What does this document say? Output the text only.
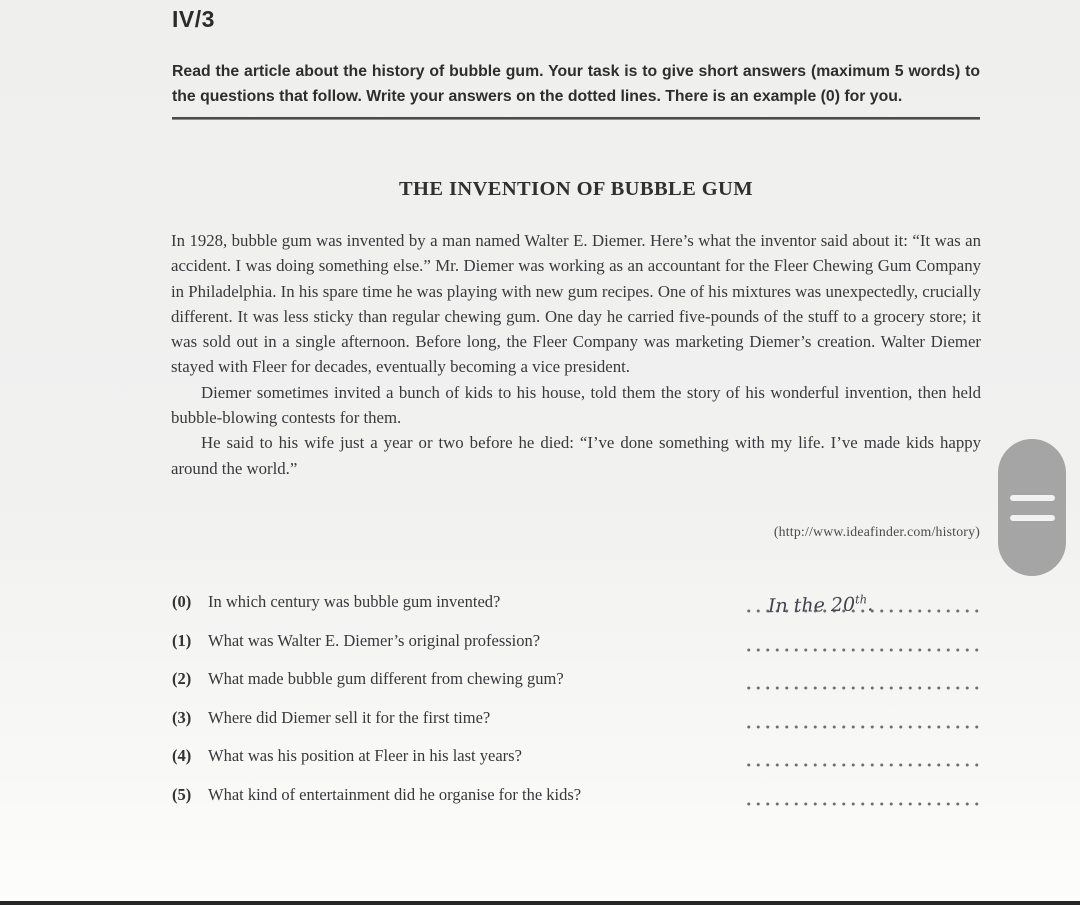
IV/3
Read the article about the history of bubble gum. Your task is to give short answers (maximum 5 words) to the questions that follow. Write your answers on the dotted lines. There is an example (0) for you.
THE INVENTION OF BUBBLE GUM

In 1928, bubble gum was invented by a man named Walter E. Diemer. Here’s what the inventor said about it: “It was an accident. I was doing something else.” Mr. Diemer was working as an accountant for the Fleer Chewing Gum Company in Philadelphia. In his spare time he was playing with new gum recipes. One of his mixtures was unexpectedly, crucially different. It was less sticky than regular chewing gum. One day he carried five-pounds of the stuff to a grocery store; it was sold out in a single afternoon. Before long, the Fleer Company was marketing Diemer’s creation. Walter Diemer stayed with Fleer for decades, eventually becoming a vice president.

Diemer sometimes invited a bunch of kids to his house, told them the story of his wonderful invention, then held bubble-blowing contests for them.

He said to his wife just a year or two before he died: “I’ve done something with my life. I’ve made kids happy around the world.”

(http://www.ideafinder.com/history)
(0)	In which century was bubble gum invented?	In the 20th.
(1)	What was Walter E. Diemer’s original profession?
(2)	What made bubble gum different from chewing gum?
(3)	Where did Diemer sell it for the first time?
(4)	What was his position at Fleer in his last years?
(5)	What kind of entertainment did he organise for the kids?
